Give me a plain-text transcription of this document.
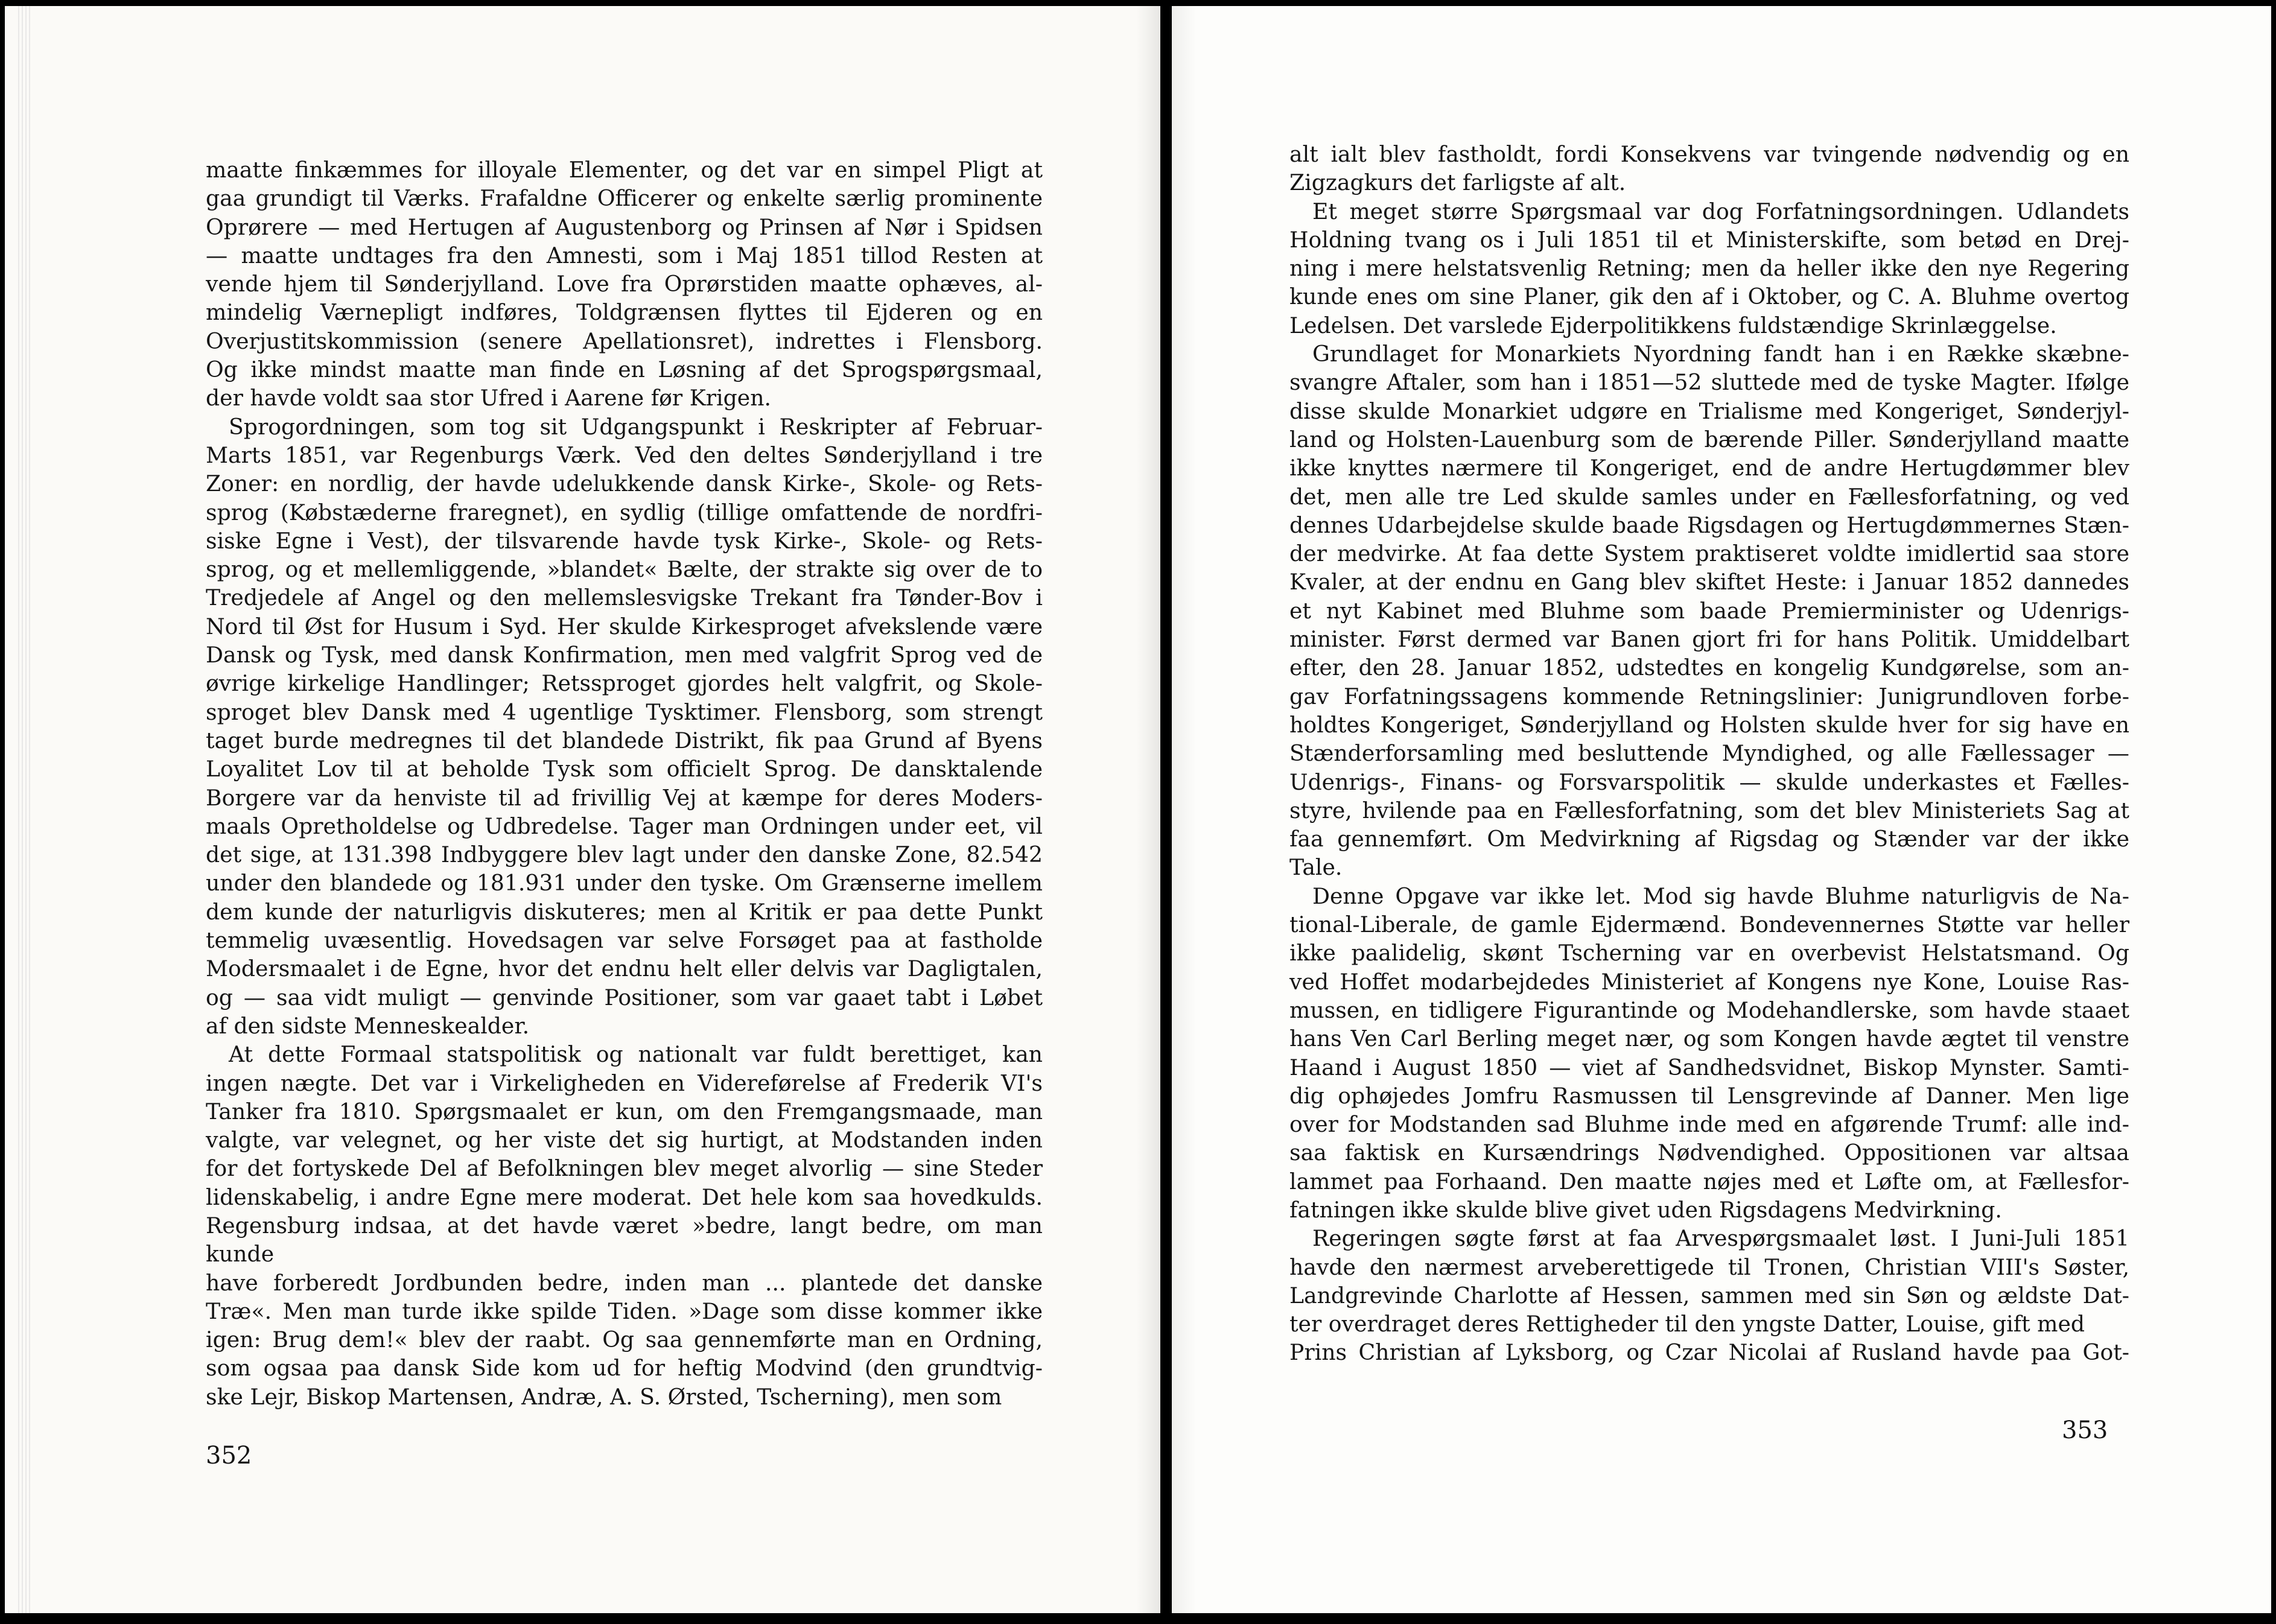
maatte finkæmmes for illoyale Elementer, og det var en simpel Pligt at

gaa grundigt til Værks. Frafaldne Officerer og enkelte særlig prominente

Oprørere — med Hertugen af Augustenborg og Prinsen af Nør i Spidsen

— maatte undtages fra den Amnesti, som i Maj 1851 tillod Resten at

vende hjem til Sønderjylland. Love fra Oprørstiden maatte ophæves, al-

mindelig Værnepligt indføres, Toldgrænsen flyttes til Ejderen og en

Overjustitskommission (senere Apellationsret), indrettes i Flensborg.

Og ikke mindst maatte man finde en Løsning af det Sprogspørgsmaal,

der havde voldt saa stor Ufred i Aarene før Krigen.

Sprogordningen, som tog sit Udgangspunkt i Reskripter af Februar-

Marts 1851, var Regenburgs Værk. Ved den deltes Sønderjylland i tre

Zoner: en nordlig, der havde udelukkende dansk Kirke-, Skole- og Rets-

sprog (Købstæderne fraregnet), en sydlig (tillige omfattende de nordfri-

siske Egne i Vest), der tilsvarende havde tysk Kirke-, Skole- og Rets-

sprog, og et mellemliggende, »blandet« Bælte, der strakte sig over de to

Tredjedele af Angel og den mellemslesvigske Trekant fra Tønder-Bov i

Nord til Øst for Husum i Syd. Her skulde Kirkesproget afvekslende være

Dansk og Tysk, med dansk Konfirmation, men med valgfrit Sprog ved de

øvrige kirkelige Handlinger; Retssproget gjordes helt valgfrit, og Skole-

sproget blev Dansk med 4 ugentlige Tysktimer. Flensborg, som strengt

taget burde medregnes til det blandede Distrikt, fik paa Grund af Byens

Loyalitet Lov til at beholde Tysk som officielt Sprog. De dansktalende

Borgere var da henviste til ad frivillig Vej at kæmpe for deres Moders-

maals Opretholdelse og Udbredelse. Tager man Ordningen under eet, vil

det sige, at 131.398 Indbyggere blev lagt under den danske Zone, 82.542

under den blandede og 181.931 under den tyske. Om Grænserne imellem

dem kunde der naturligvis diskuteres; men al Kritik er paa dette Punkt

temmelig uvæsentlig. Hovedsagen var selve Forsøget paa at fastholde

Modersmaalet i de Egne, hvor det endnu helt eller delvis var Dagligtalen,

og — saa vidt muligt — genvinde Positioner, som var gaaet tabt i Løbet

af den sidste Menneskealder.

At dette Formaal statspolitisk og nationalt var fuldt berettiget, kan

ingen nægte. Det var i Virkeligheden en Videreførelse af Frederik VI's

Tanker fra 1810. Spørgsmaalet er kun, om den Fremgangsmaade, man

valgte, var velegnet, og her viste det sig hurtigt, at Modstanden inden

for det fortyskede Del af Befolkningen blev meget alvorlig — sine Steder

lidenskabelig, i andre Egne mere moderat. Det hele kom saa hovedkulds.

Regensburg indsaa, at det havde været »bedre, langt bedre, om man kunde

have forberedt Jordbunden bedre, inden man ... plantede det danske

Træ«. Men man turde ikke spilde Tiden. »Dage som disse kommer ikke

igen: Brug dem!« blev der raabt. Og saa gennemførte man en Ordning,

som ogsaa paa dansk Side kom ud for heftig Modvind (den grundtvig-

ske Lejr, Biskop Martensen, Andræ, A. S. Ørsted, Tscherning), men som

352

alt ialt blev fastholdt, fordi Konsekvens var tvingende nødvendig og en

Zigzagkurs det farligste af alt.

Et meget større Spørgsmaal var dog Forfatningsordningen. Udlandets

Holdning tvang os i Juli 1851 til et Ministerskifte, som betød en Drej-

ning i mere helstatsvenlig Retning; men da heller ikke den nye Regering

kunde enes om sine Planer, gik den af i Oktober, og C. A. Bluhme overtog

Ledelsen. Det varslede Ejderpolitikkens fuldstændige Skrinlæggelse.

Grundlaget for Monarkiets Nyordning fandt han i en Række skæbne-

svangre Aftaler, som han i 1851—52 sluttede med de tyske Magter. Ifølge

disse skulde Monarkiet udgøre en Trialisme med Kongeriget, Sønderjyl-

land og Holsten-Lauenburg som de bærende Piller. Sønderjylland maatte

ikke knyttes nærmere til Kongeriget, end de andre Hertugdømmer blev

det, men alle tre Led skulde samles under en Fællesforfatning, og ved

dennes Udarbejdelse skulde baade Rigsdagen og Hertugdømmernes Stæn-

der medvirke. At faa dette System praktiseret voldte imidlertid saa store

Kvaler, at der endnu en Gang blev skiftet Heste: i Januar 1852 dannedes

et nyt Kabinet med Bluhme som baade Premierminister og Udenrigs-

minister. Først dermed var Banen gjort fri for hans Politik. Umiddelbart

efter, den 28. Januar 1852, udstedtes en kongelig Kundgørelse, som an-

gav Forfatningssagens kommende Retningslinier: Junigrundloven forbe-

holdtes Kongeriget, Sønderjylland og Holsten skulde hver for sig have en

Stænderforsamling med besluttende Myndighed, og alle Fællessager —

Udenrigs-, Finans- og Forsvarspolitik — skulde underkastes et Fælles-

styre, hvilende paa en Fællesforfatning, som det blev Ministeriets Sag at

faa gennemført. Om Medvirkning af Rigsdag og Stænder var der ikke

Tale.

Denne Opgave var ikke let. Mod sig havde Bluhme naturligvis de Na-

tional-Liberale, de gamle Ejdermænd. Bondevennernes Støtte var heller

ikke paalidelig, skønt Tscherning var en overbevist Helstatsmand. Og

ved Hoffet modarbejdedes Ministeriet af Kongens nye Kone, Louise Ras-

mussen, en tidligere Figurantinde og Modehandlerske, som havde staaet

hans Ven Carl Berling meget nær, og som Kongen havde ægtet til venstre

Haand i August 1850 — viet af Sandhedsvidnet, Biskop Mynster. Samti-

dig ophøjedes Jomfru Rasmussen til Lensgrevinde af Danner. Men lige

over for Modstanden sad Bluhme inde med en afgørende Trumf: alle ind-

saa faktisk en Kursændrings Nødvendighed. Oppositionen var altsaa

lammet paa Forhaand. Den maatte nøjes med et Løfte om, at Fællesfor-

fatningen ikke skulde blive givet uden Rigsdagens Medvirkning.

Regeringen søgte først at faa Arvespørgsmaalet løst. I Juni-Juli 1851

havde den nærmest arveberettigede til Tronen, Christian VIII's Søster,

Landgrevinde Charlotte af Hessen, sammen med sin Søn og ældste Dat-

ter overdraget deres Rettigheder til den yngste Datter, Louise, gift med

Prins Christian af Lyksborg, og Czar Nicolai af Rusland havde paa Got-

353
